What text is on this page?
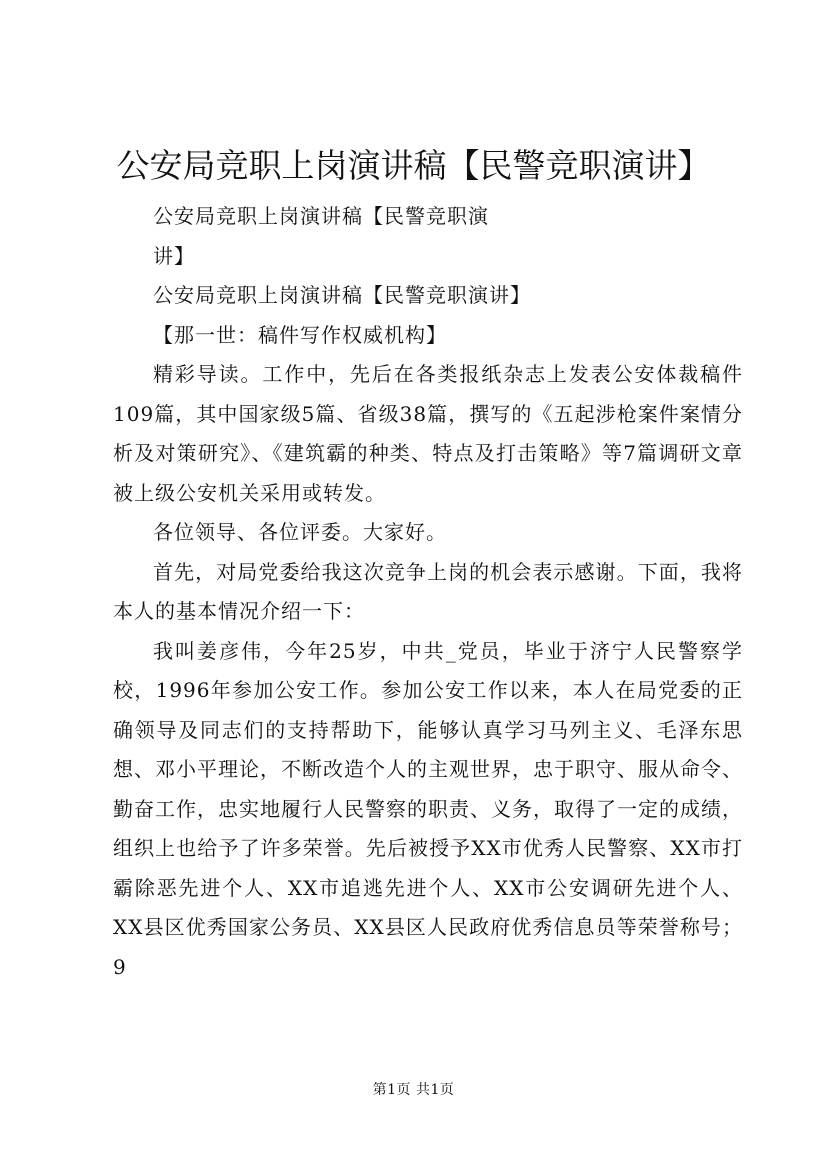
公安局竞职上岗演讲稿【民警竞职演讲】

公安局竞职上岗演讲稿【民警竞职演
讲】

公安局竞职上岗演讲稿【民警竞职演讲】

【那一世：稿件写作权威机构】

精彩导读。工作中，先后在各类报纸杂志上发表公安体裁稿件109篇，其中国家级5篇、省级38篇，撰写的《五起涉枪案件案情分析及对策研究》、《建筑霸的种类、特点及打击策略》等7篇调研文章被上级公安机关采用或转发。

各位领导、各位评委。大家好。

首先，对局党委给我这次竞争上岗的机会表示感谢。下面，我将本人的基本情况介绍一下：

我叫姜彦伟，今年25岁，中共_党员，毕业于济宁人民警察学校，1996年参加公安工作。参加公安工作以来，本人在局党委的正确领导及同志们的支持帮助下，能够认真学习马列主义、毛泽东思想、邓小平理论，不断改造个人的主观世界，忠于职守、服从命令、勤奋工作，忠实地履行人民警察的职责、义务，取得了一定的成绩，组织上也给予了许多荣誉。先后被授予XX市优秀人民警察、XX市打霸除恶先进个人、XX市追逃先进个人、XX市公安调研先进个人、XX县区优秀国家公务员、XX县区人民政府优秀信息员等荣誉称号；9

第1页 共1页
